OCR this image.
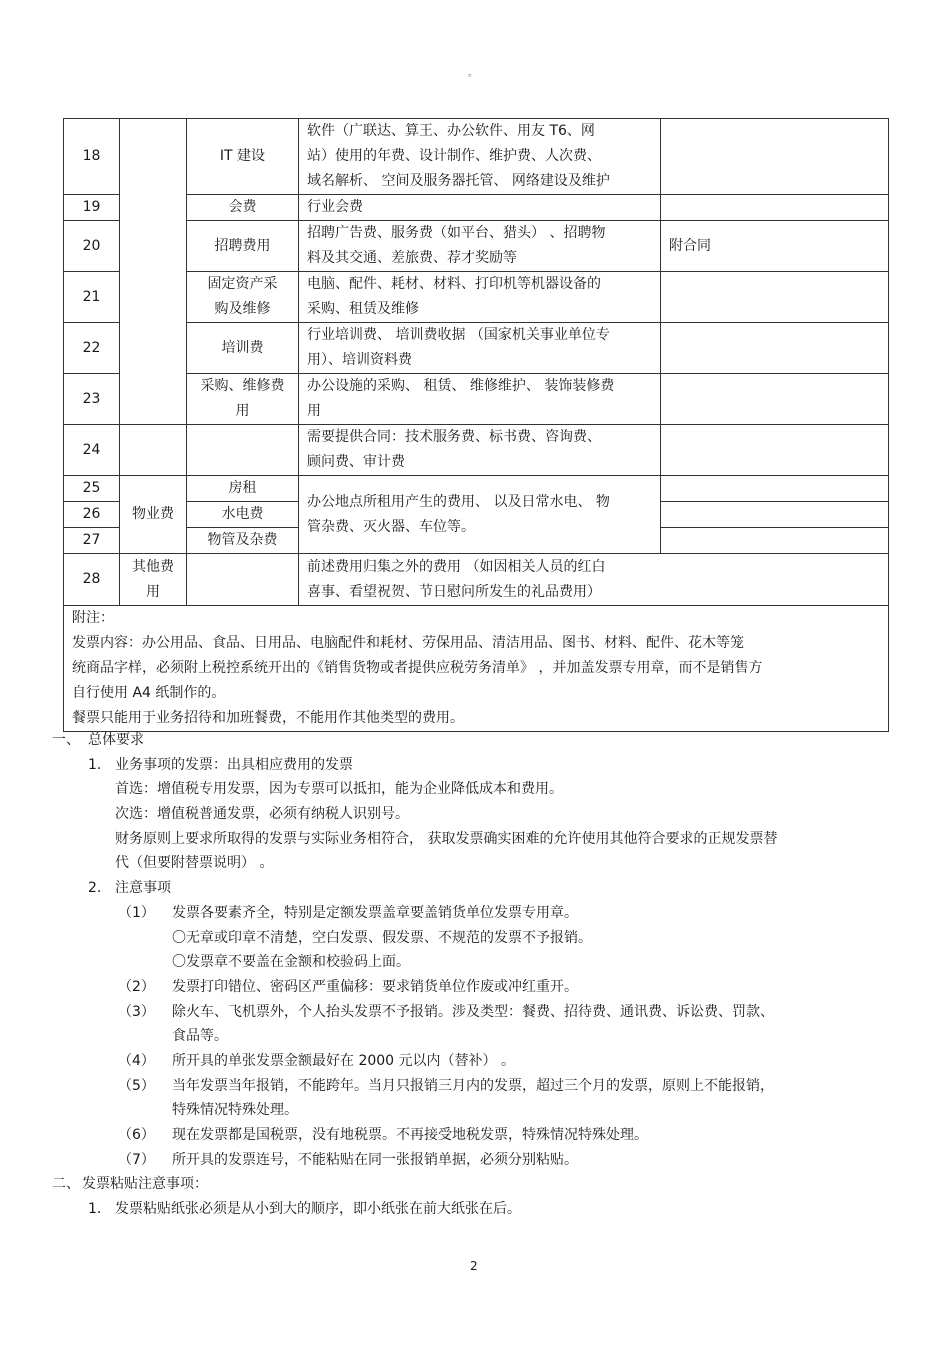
。
18		IT 建设	软件（广联达、算王、办公软件、用友 T6、网
站）使用的年费、设计制作、维护费、人次费、
域名解析、 空间及服务器托管、 网络建设及维护	

19		会费	行业会费	

20		招聘费用	招聘广告费、服务费（如平台、猎头） 、招聘物
料及其交通、差旅费、荐才奖励等	附合同
21		固定资产采
购及维修	电脑、配件、耗材、材料、打印机等机器设备的
采购、租赁及维修	

22		培训费	行业培训费、 培训费收据 （国家机关事业单位专
用）、培训资料费	

23		采购、维修费
用	办公设施的采购、 租赁、 维修维护、 装饰装修费
用	

24			需要提供合同：技术服务费、标书费、咨询费、
顾问费、审计费	

25	物业费	房租	办公地点所租用产生的费用、 以及日常水电、 物
管杂费、灭火器、车位等。	

26		水电费		
27		物管及杂费		
28	其他费
用		前述费用归集之外的费用 （如因相关人员的红白
喜事、看望祝贺、节日慰问所发生的礼品费用）	

附注：
发票内容：办公用品、食品、日用品、电脑配件和耗材、劳保用品、清洁用品、图书、材料、配件、花木等笼
统商品字样，必须附上税控系统开出的《销售货物或者提供应税劳务清单》 ，并加盖发票专用章，而不是销售方
自行使用 A4 纸制作的。
餐票只能用于业务招待和加班餐费，不能用作其他类型的费用。				
一、 总体要求
1. 业务事项的发票：出具相应费用的发票
首选：增值税专用发票，因为专票可以抵扣，能为企业降低成本和费用。
次选：增值税普通发票，必须有纳税人识别号。
财务原则上要求所取得的发票与实际业务相符合， 获取发票确实困难的允许使用其他符合要求的正规发票替
代（但要附替票说明） 。
2. 注意事项
（1） 发票各要素齐全，特别是定额发票盖章要盖销货单位发票专用章。
〇无章或印章不清楚，空白发票、假发票、不规范的发票不予报销。
〇发票章不要盖在金额和校验码上面。
（2） 发票打印错位、密码区严重偏移：要求销货单位作废或冲红重开。
（3） 除火车、飞机票外，个人抬头发票不予报销。涉及类型：餐费、招待费、通讯费、诉讼费、罚款、
食品等。
（4） 所开具的单张发票金额最好在 2000 元以内（替补） 。
（5） 当年发票当年报销，不能跨年。当月只报销三月内的发票，超过三个月的发票，原则上不能报销，
特殊情况特殊处理。
（6） 现在发票都是国税票，没有地税票。不再接受地税发票，特殊情况特殊处理。
（7） 所开具的发票连号，不能粘贴在同一张报销单据，必须分别粘贴。
二、 发票粘贴注意事项：
1. 发票粘贴纸张必须是从小到大的顺序，即小纸张在前大纸张在后。
2
